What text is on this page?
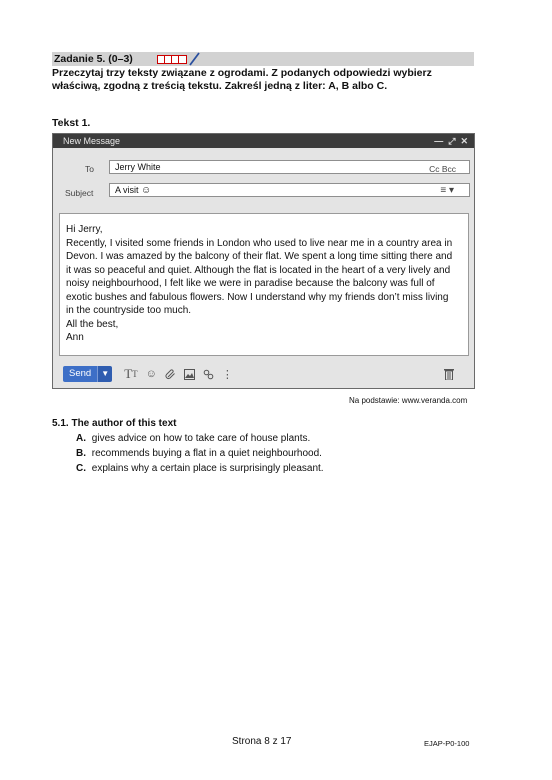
Zadanie 5. (0–3)
Przeczytaj trzy teksty związane z ogrodami. Z podanych odpowiedzi wybierz właściwą, zgodną z treścią tekstu. Zakreśl jedną z liter: A, B albo C.
Tekst 1.
New Message	— ⤢ ✕
To	Jerry White	Cc Bcc
Subject	A visit ☺	≡ ▾

Hi Jerry,

Recently, I visited some friends in London who used to live near me in a country area in

Devon. I was amazed by the balcony of their flat. We spent a long time sitting there and

it was so peaceful and quiet. Although the flat is located in the heart of a very lively and

noisy neighbourhood, I felt like we were in paradise because the balcony was full of

exotic bushes and fabulous flowers. Now I understand why my friends don’t miss living

in the countryside too much.

All the best,

Ann

Send	▼ T T ☺	⋮
Na podstawie: www.veranda.com
5.1. The author of this text
A. gives advice on how to take care of house plants.
B. recommends buying a flat in a quiet neighbourhood.
C. explains why a certain place is surprisingly pleasant.
Strona 8 z 17	EJAP-P0-100
